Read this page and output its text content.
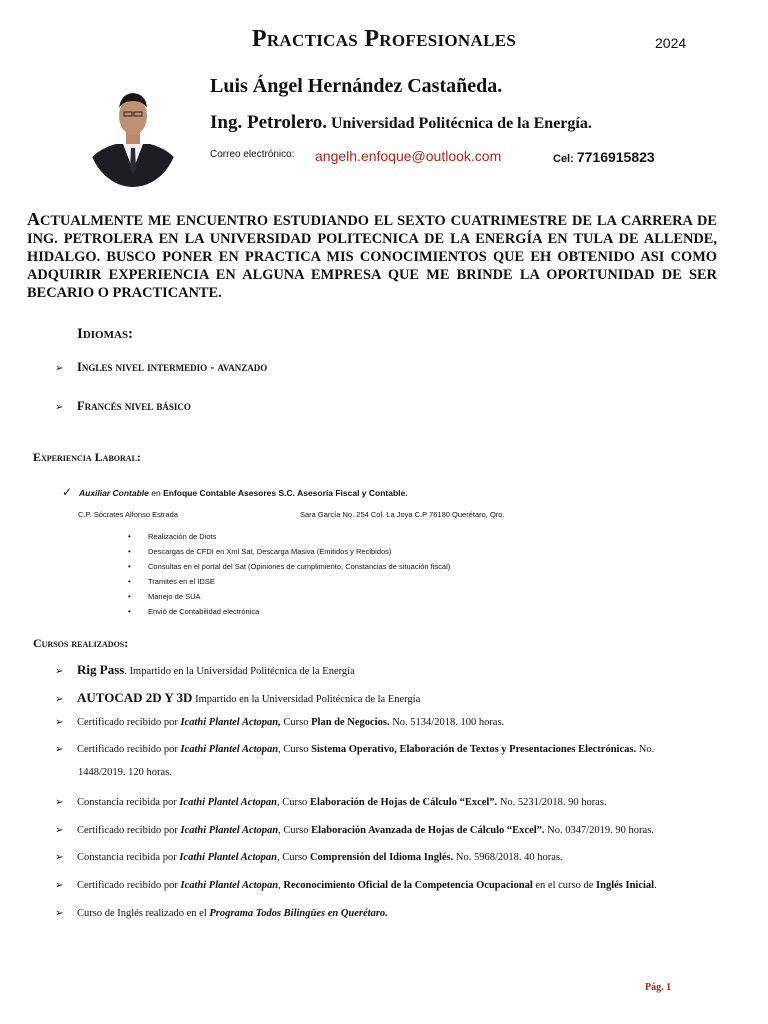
Practicas Profesionales	2024
Luis Ángel Hernández Castañeda.
Ing. Petrolero. Universidad Politécnica de la Energía.
Correo electrónico: angelh.enfoque@outlook.com	Cel: 7716915823
ACTUALMENTE ME ENCUENTRO ESTUDIANDO EL SEXTO CUATRIMESTRE DE LA CARRERA DE ING. PETROLERA EN LA UNIVERSIDAD POLITECNICA DE LA ENERGÍA EN TULA DE ALLENDE, HIDALGO. BUSCO PONER EN PRACTICA MIS CONOCIMIENTOS QUE EH OBTENIDO ASI COMO ADQUIRIR EXPERIENCIA EN ALGUNA EMPRESA QUE ME BRINDE LA OPORTUNIDAD DE SER BECARIO O PRACTICANTE.
Idiomas:
➢ Ingles nivel intermedio - avanzado
➢ Francés nivel básico
Experiencia Laboral:
✓ Auxiliar Contable en Enfoque Contable Asesores S.C. Asesoría Fiscal y Contable.
C.P. Sócrates Alfonso Estrada	Sara García No. 254 Col. La Joya C.P 76180 Querétaro, Qro.
• Realización de Diots
• Descargas de CFDI en Xml Sat, Descarga Masiva (Emitidos y Recibidos)
• Consultas en el portal del Sat (Opiniones de cumplimiento, Constancias de situación fiscal)
• Tramites en el IDSE
• Manejo de SUA
• Envió de Contabilidad electrónica
Cursos realizados:
➢ Rig Pass. Impartido en la Universidad Politécnica de la Energía
➢ AUTOCAD 2D Y 3D Impartido en la Universidad Politécnica de la Energía
➢ Certificado recibido por Icathi Plantel Actopan, Curso Plan de Negocios. No. 5134/2018. 100 horas.
➢ Certificado recibido por Icathi Plantel Actopan, Curso Sistema Operativo, Elaboración de Textos y Presentaciones Electrónicas. No.
1448/2019. 120 horas.
➢ Constancia recibida por Icathi Plantel Actopan, Curso Elaboración de Hojas de Cálculo “Excel”. No. 5231/2018. 90 horas.
➢ Certificado recibido por Icathi Plantel Actopan, Curso Elaboración Avanzada de Hojas de Cálculo “Excel”. No. 0347/2019. 90 horas.
➢ Constancia recibida por Icathi Plantel Actopan, Curso Comprensión del Idioma Inglés. No. 5968/2018. 40 horas.
➢ Certificado recibido por Icathi Plantel Actopan, Reconocimiento Oficial de la Competencia Ocupacional en el curso de Inglés Inicial.
➢ Curso de Inglés realizado en el Programa Todos Bilingües en Querétaro.
Pág. 1
